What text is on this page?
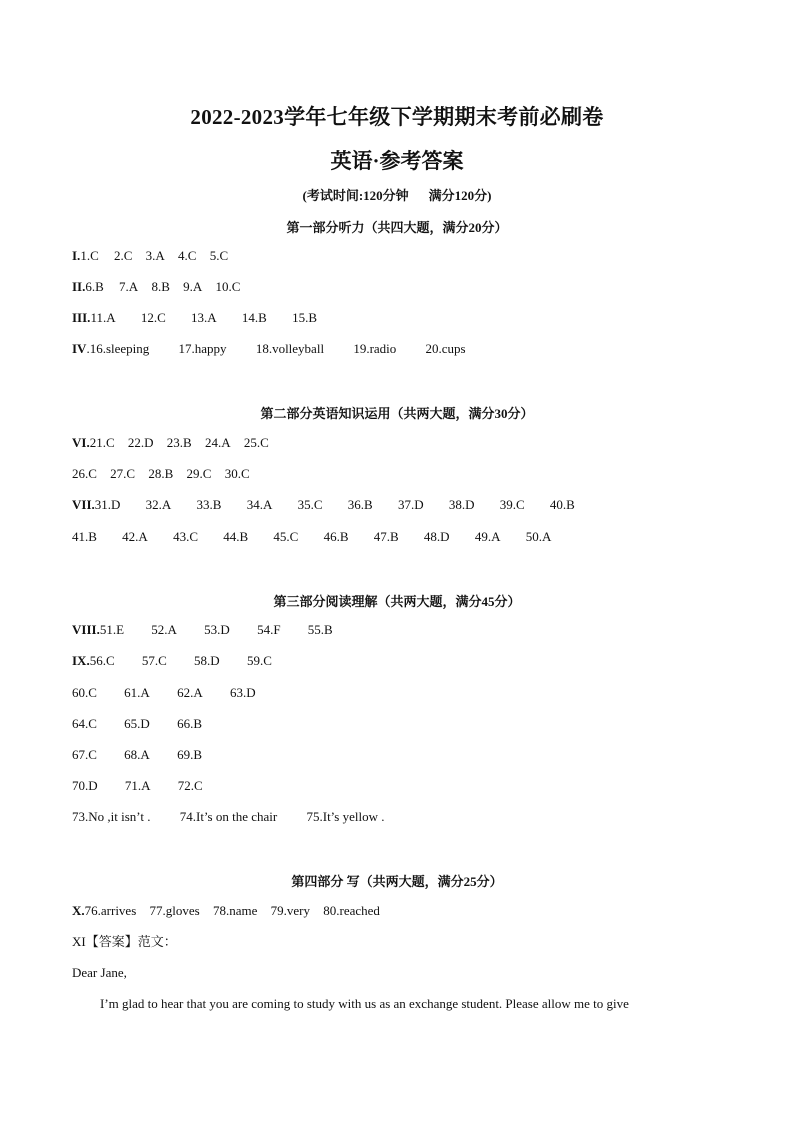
2022-2023学年七年级下学期期末考前必刷卷
英语·参考答案
(考试时间:120分钟 满分120分)
第一部分听力（共四大题，满分20分）
I.1.C 2.C 3.A 4.C 5.C
II.6.B 7.A 8.B 9.A 10.C
III.11.A 12.C 13.A 14.B 15.B
IV.16.sleeping 17.happy 18.volleyball 19.radio 20.cups
第二部分英语知识运用（共两大题，满分30分）
VI.21.C 22.D 23.B 24.A 25.C
26.C 27.C 28.B 29.C 30.C
VII.31.D 32.A 33.B 34.A 35.C 36.B 37.D 38.D 39.C 40.B
41.B 42.A 43.C 44.B 45.C 46.B 47.B 48.D 49.A 50.A
第三部分阅读理解（共两大题，满分45分）
VIII.51.E 52.A 53.D 54.F 55.B
IX.56.C 57.C 58.D 59.C
60.C 61.A 62.A 63.D
64.C 65.D 66.B
67.C 68.A 69.B
70.D 71.A 72.C
73.No ,it isn’t . 74.It’s on the chair 75.It’s yellow .
第四部分 写（共两大题，满分25分）
X.76.arrives 77.gloves 78.name 79.very 80.reached
XI【答案】范文：
Dear Jane,
I’m glad to hear that you are coming to study with us as an exchange student. Please allow me to give
